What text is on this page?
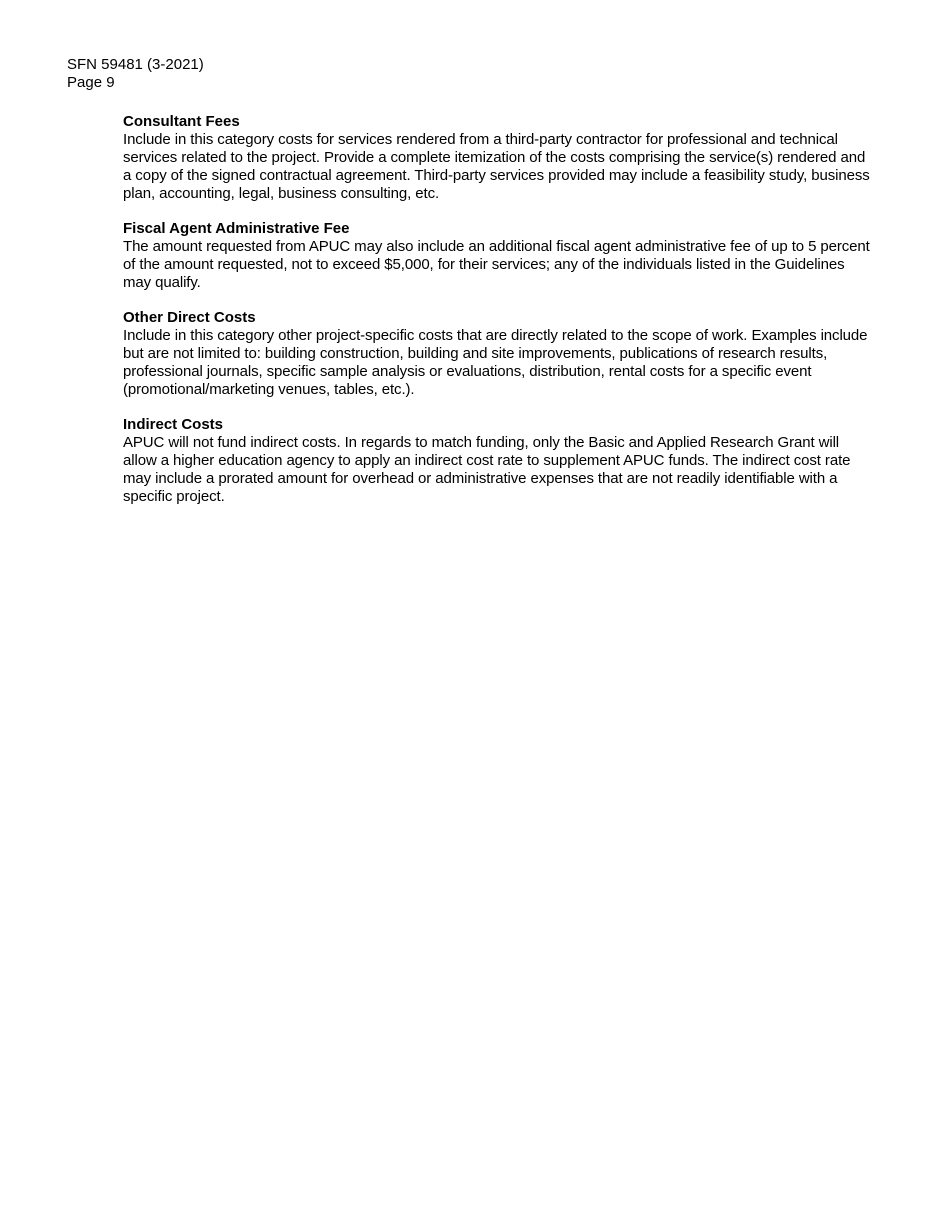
SFN 59481 (3-2021)
Page 9
Consultant Fees
Include in this category costs for services rendered from a third-party contractor for professional and technical services related to the project. Provide a complete itemization of the costs comprising the service(s) rendered and a copy of the signed contractual agreement. Third-party services provided may include a feasibility study, business plan, accounting, legal, business consulting, etc.
Fiscal Agent Administrative Fee
The amount requested from APUC may also include an additional fiscal agent administrative fee of up to 5 percent of the amount requested, not to exceed $5,000, for their services; any of the individuals listed in the Guidelines may qualify.
Other Direct Costs
Include in this category other project-specific costs that are directly related to the scope of work. Examples include but are not limited to: building construction, building and site improvements, publications of research results, professional journals, specific sample analysis or evaluations, distribution, rental costs for a specific event (promotional/marketing venues, tables, etc.).
Indirect Costs
APUC will not fund indirect costs. In regards to match funding, only the Basic and Applied Research Grant will allow a higher education agency to apply an indirect cost rate to supplement APUC funds. The indirect cost rate may include a prorated amount for overhead or administrative expenses that are not readily identifiable with a specific project.
